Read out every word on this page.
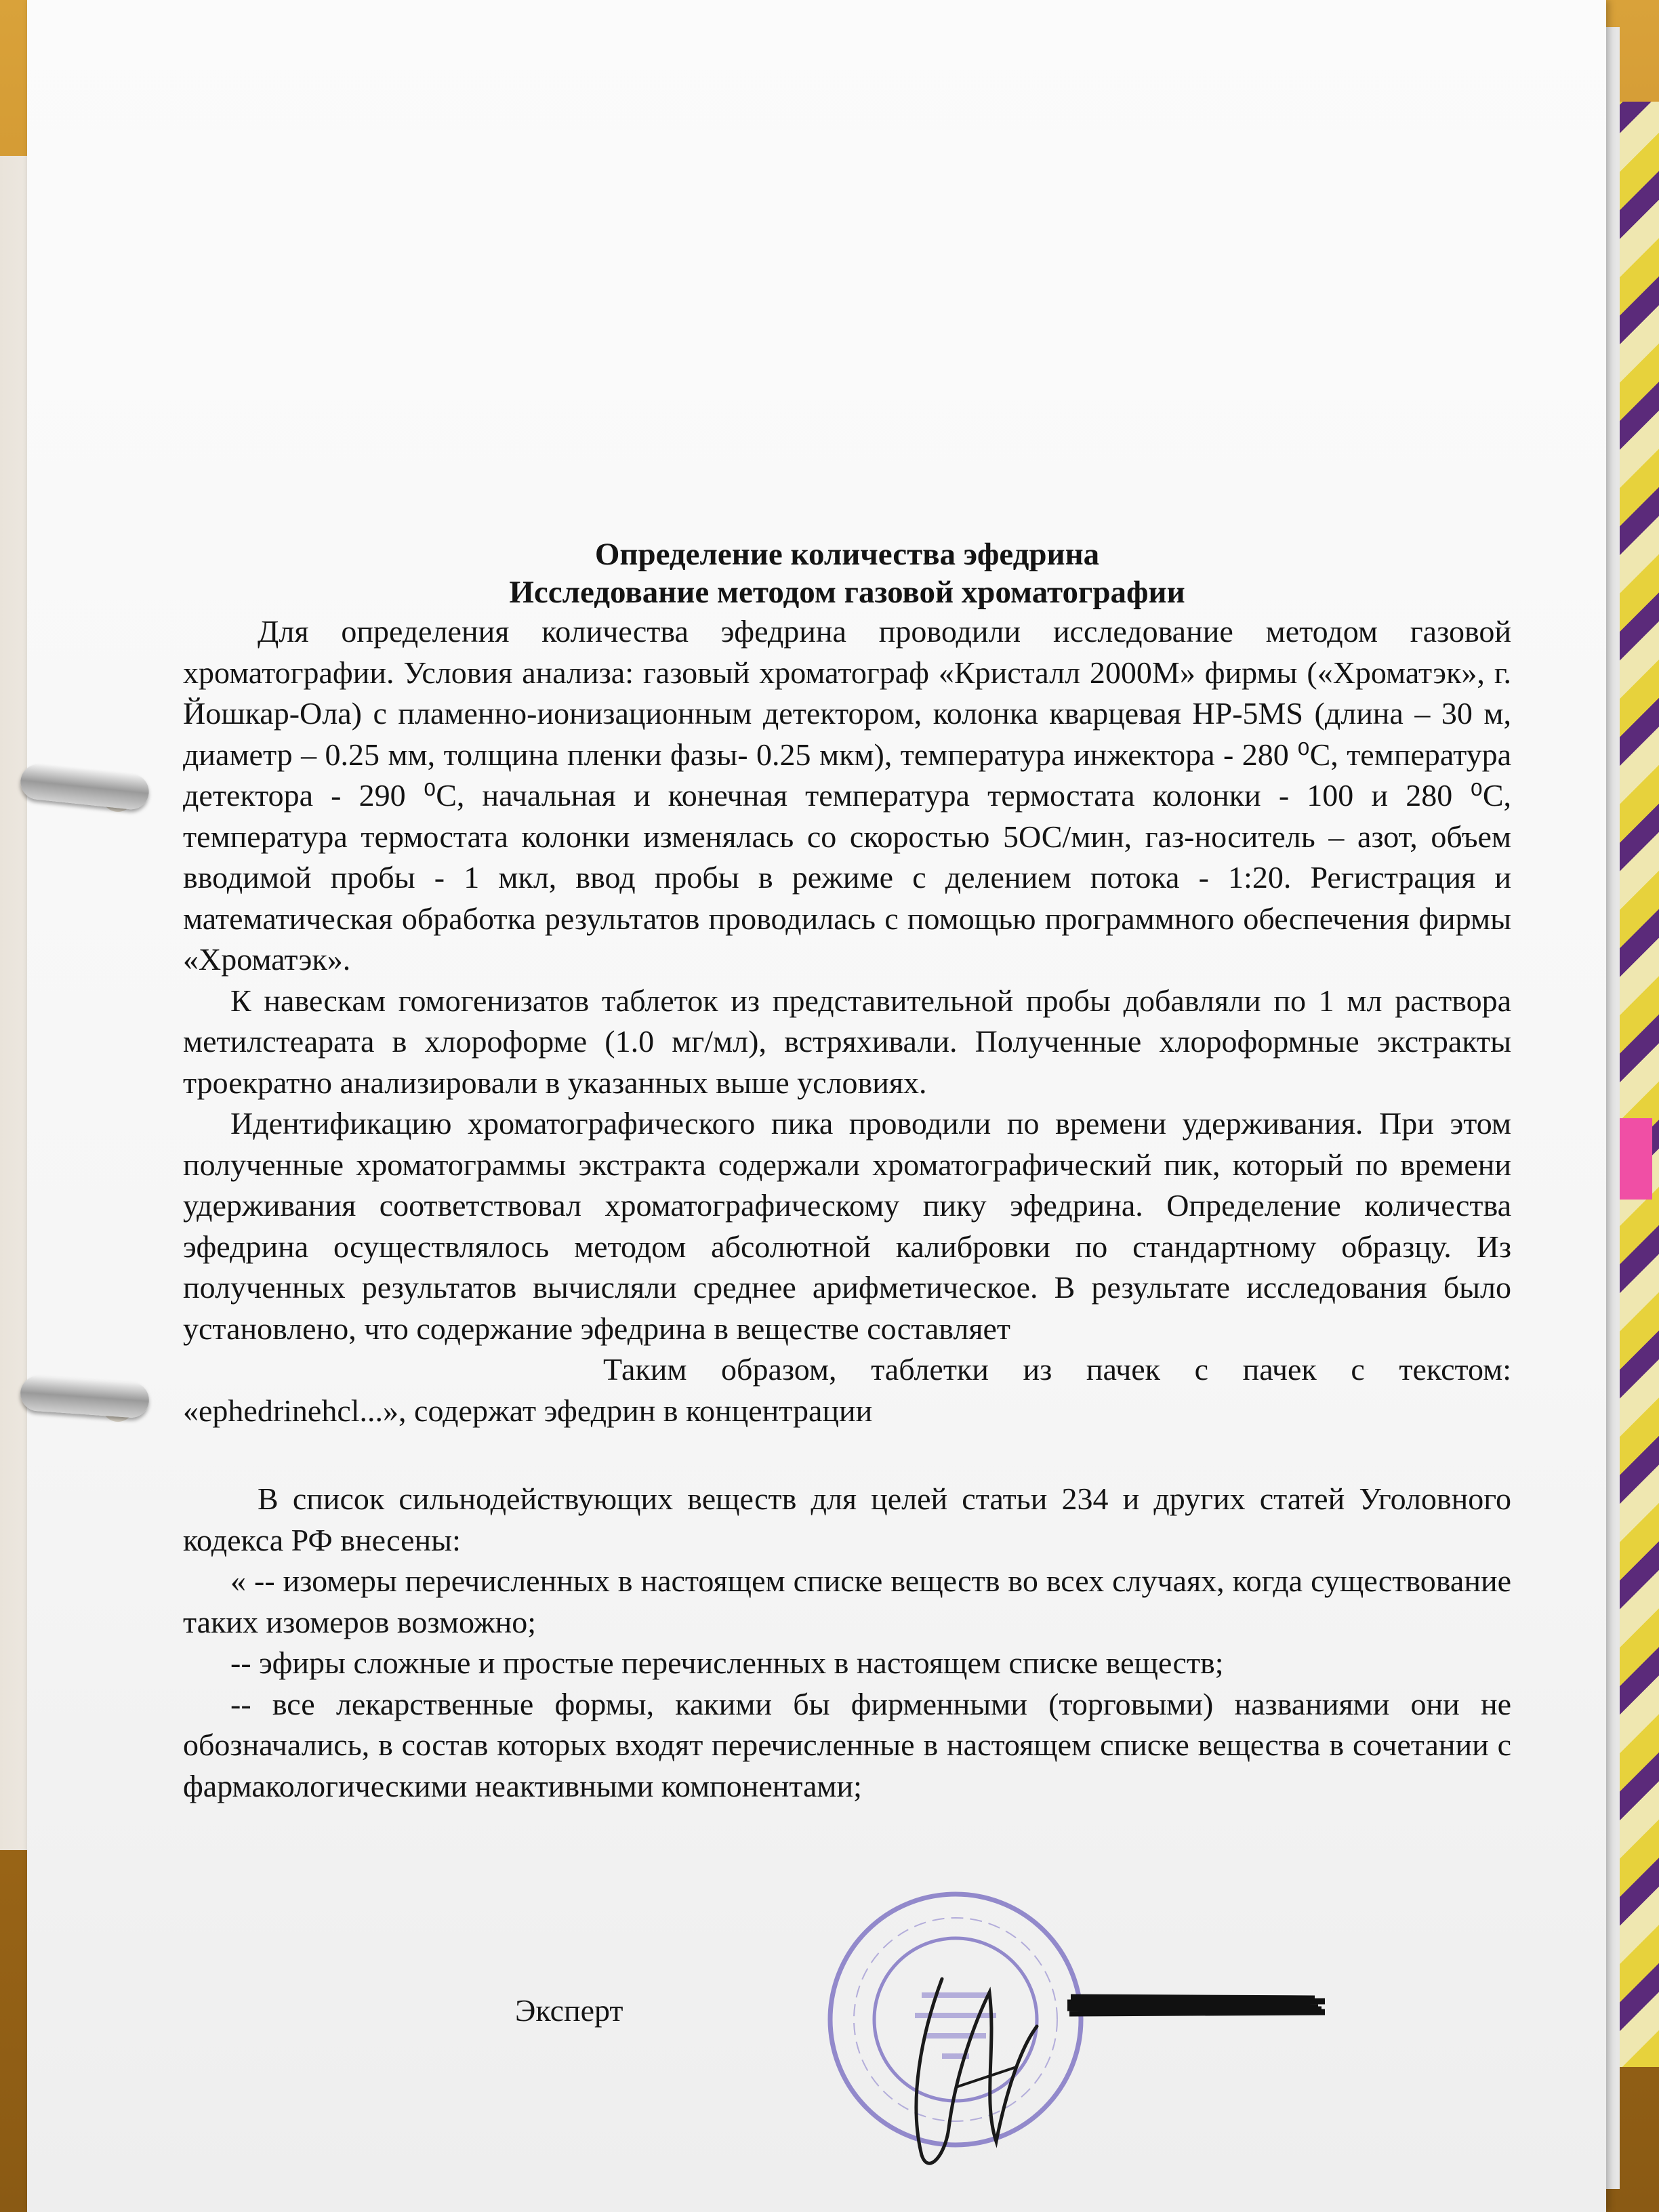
Определение количества эфедрина

Исследование методом газовой хроматографии

Для определения количества эфедрина проводили исследование методом газовой хроматографии. Условия анализа: газовый хроматограф «Кристалл 2000М» фирмы («Хроматэк», г. Йошкар-Ола) с пламенно-ионизационным детектором, колонка кварцевая НР-5MS (длина – 30 м, диаметр – 0.25 мм, толщина пленки фазы- 0.25 мкм), температура инжектора - 280 ⁰С, температура детектора - 290 ⁰С, начальная и конечная температура термостата колонки - 100 и 280 ⁰С, температура термостата колонки изменялась со скоростью 5ОС/мин, газ-носитель – азот, объем вводимой пробы - 1 мкл, ввод пробы в режиме с делением потока - 1:20. Регистрация и математическая обработка результатов проводилась с помощью программного обеспечения фирмы «Хроматэк».

К навескам гомогенизатов таблеток из представительной пробы добавляли по 1 мл раствора метилстеарата в хлороформе (1.0 мг/мл), встряхивали. Полученные хлороформные экстракты троекратно анализировали в указанных выше условиях.

Идентификацию хроматографического пика проводили по времени удерживания. При этом полученные хроматограммы экстракта содержали хроматографический пик, который по времени удерживания соответствовал хроматографическому пику эфедрина. Определение количества эфедрина осуществлялось методом абсолютной калибровки по стандартному образцу. Из полученных результатов вычисляли среднее арифметическое. В результате исследования было установлено, что содержание эфедрина в веществе составляет

Таким образом, таблетки из пачек с пачек с текстом: «ephedrinehcl...», содержат эфедрин в концентрации

В список сильнодействующих веществ для целей статьи 234 и других статей Уголовного кодекса РФ внесены:

« -- изомеры перечисленных в настоящем списке веществ во всех случаях, когда существование таких изомеров возможно;

-- эфиры сложные и простые перечисленных в настоящем списке веществ;

-- все лекарственные формы, какими бы фирменными (торговыми) названиями они не обозначались, в состав которых входят перечисленные в настоящем списке вещества в сочетании с фармакологическими неактивными компонентами;

Эксперт
